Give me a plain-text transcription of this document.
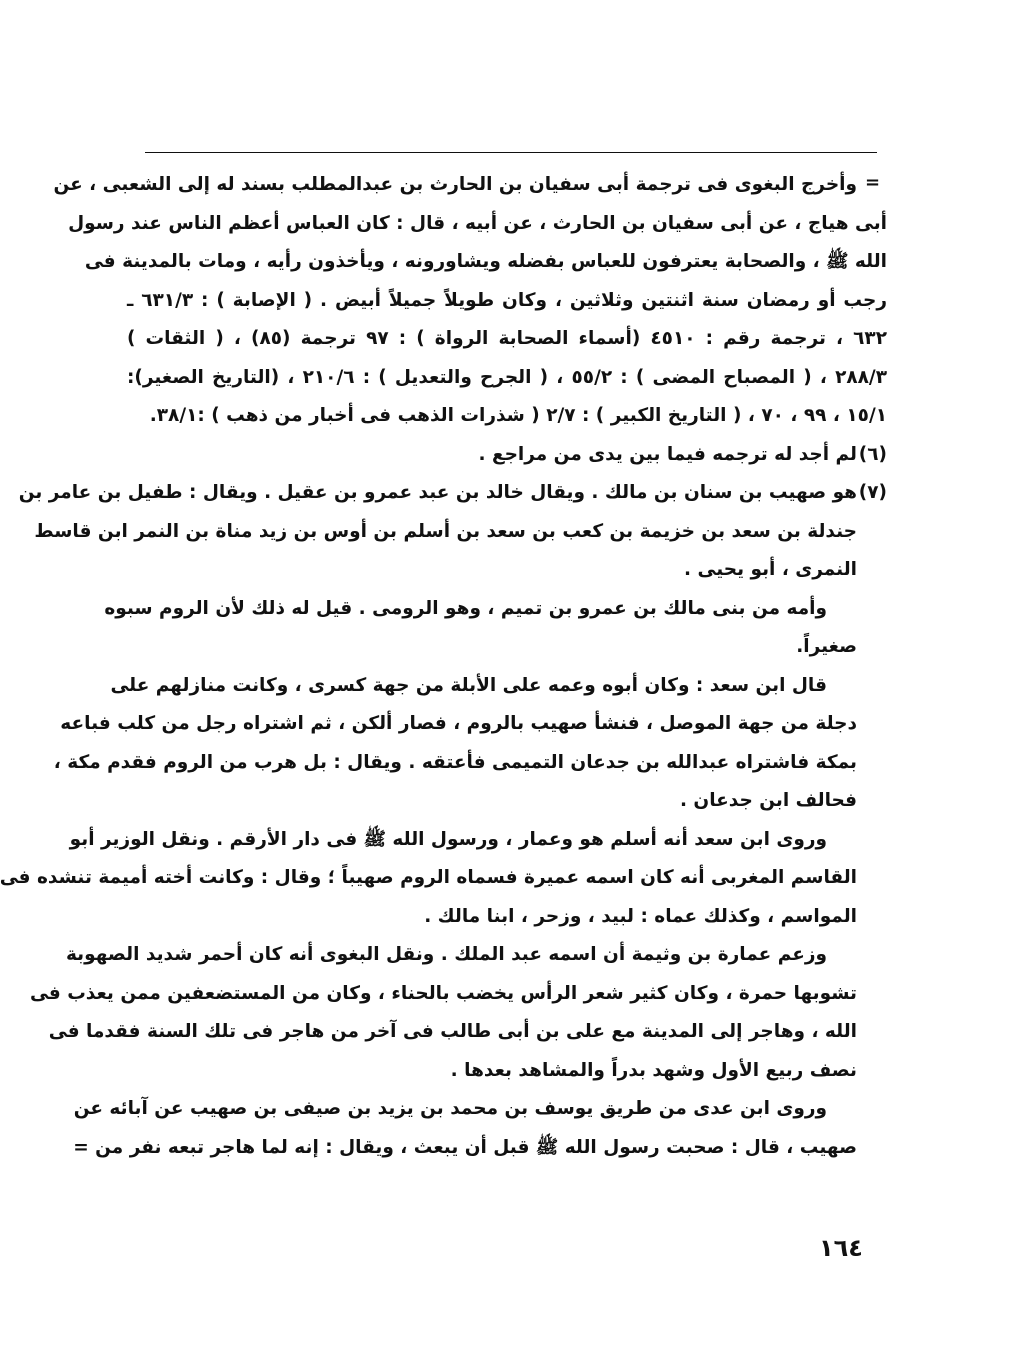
=
وأخرج البغوى فى ترجمة أبى سفيان بن الحارث بن عبدالمطلب بسند له إلى الشعبى ، عن
أبى هياج ، عن أبى سفيان بن الحارث ، عن أبيه ، قال : كان العباس أعظم الناس عند رسول
الله ﷺ ، والصحابة يعترفون للعباس بفضله ويشاورونه ، ويأخذون رأيه ، ومات بالمدينة فى
رجب أو رمضان سنة اثنتين وثلاثين ، وكان طويلاً جميلاً أبيض . ( الإصابة ) : ٦٣١/٣ ـ
٦٣٢ ، ترجمة رقم : ٤٥١٠ (أسماء الصحابة الرواة ) : ٩٧ ترجمة (٨٥) ، ( الثقات )
٢٨٨/٣ ، ( المصباح المضى ) : ٥٥/٢ ، ( الجرح والتعديل ) : ٢١٠/٦ ، (التاريخ الصغير):
١٥/١ ، ٩٩ ، ٧٠ ، ( التاريخ الكبير ) : ٢/٧ ( شذرات الذهب فى أخبار من ذهب ) :٣٨/١.
(٦)لم أجد له ترجمه فيما بين يدى من مراجع .
(٧)هو صهيب بن سنان بن مالك . ويقال خالد بن عبد عمرو بن عقيل . ويقال : طفيل بن عامر بن
جندلة بن سعد بن خزيمة بن كعب بن سعد بن أسلم بن أوس بن زيد مناة بن النمر ابن قاسط
النمرى ، أبو يحيى .
وأمه من بنى مالك بن عمرو بن تميم ، وهو الرومى . قيل له ذلك لأن الروم سبوه
صغيراً.
قال ابن سعد : وكان أبوه وعمه على الأبلة من جهة كسرى ، وكانت منازلهم على
دجلة من جهة الموصل ، فنشأ صهيب بالروم ، فصار ألكن ، ثم اشتراه رجل من كلب فباعه
بمكة فاشتراه عبدالله بن جدعان التميمى فأعتقه . ويقال : بل هرب من الروم فقدم مكة ،
فحالف ابن جدعان .
وروى ابن سعد أنه أسلم هو وعمار ، ورسول الله ﷺ فى دار الأرقم . ونقل الوزير أبو
القاسم المغربى أنه كان اسمه عميرة فسماه الروم صهيباً ؛ وقال : وكانت أخته أميمة تنشده فى
المواسم ، وكذلك عماه : لبيد ، وزحر ، ابنا مالك .
وزعم عمارة بن وثيمة أن اسمه عبد الملك . ونقل البغوى أنه كان أحمر شديد الصهوبة
تشوبها حمرة ، وكان كثير شعر الرأس يخضب بالحناء ، وكان من المستضعفين ممن يعذب فى
الله ، وهاجر إلى المدينة مع على بن أبى طالب فى آخر من هاجر فى تلك السنة فقدما فى
نصف ربيع الأول وشهد بدراً والمشاهد بعدها .
وروى ابن عدى من طريق يوسف بن محمد بن يزيد بن صيفى بن صهيب عن آبائه عن
صهيب ، قال : صحبت رسول الله ﷺ قبل أن يبعث ، ويقال : إنه لما هاجر تبعه نفر من =
١٦٤
